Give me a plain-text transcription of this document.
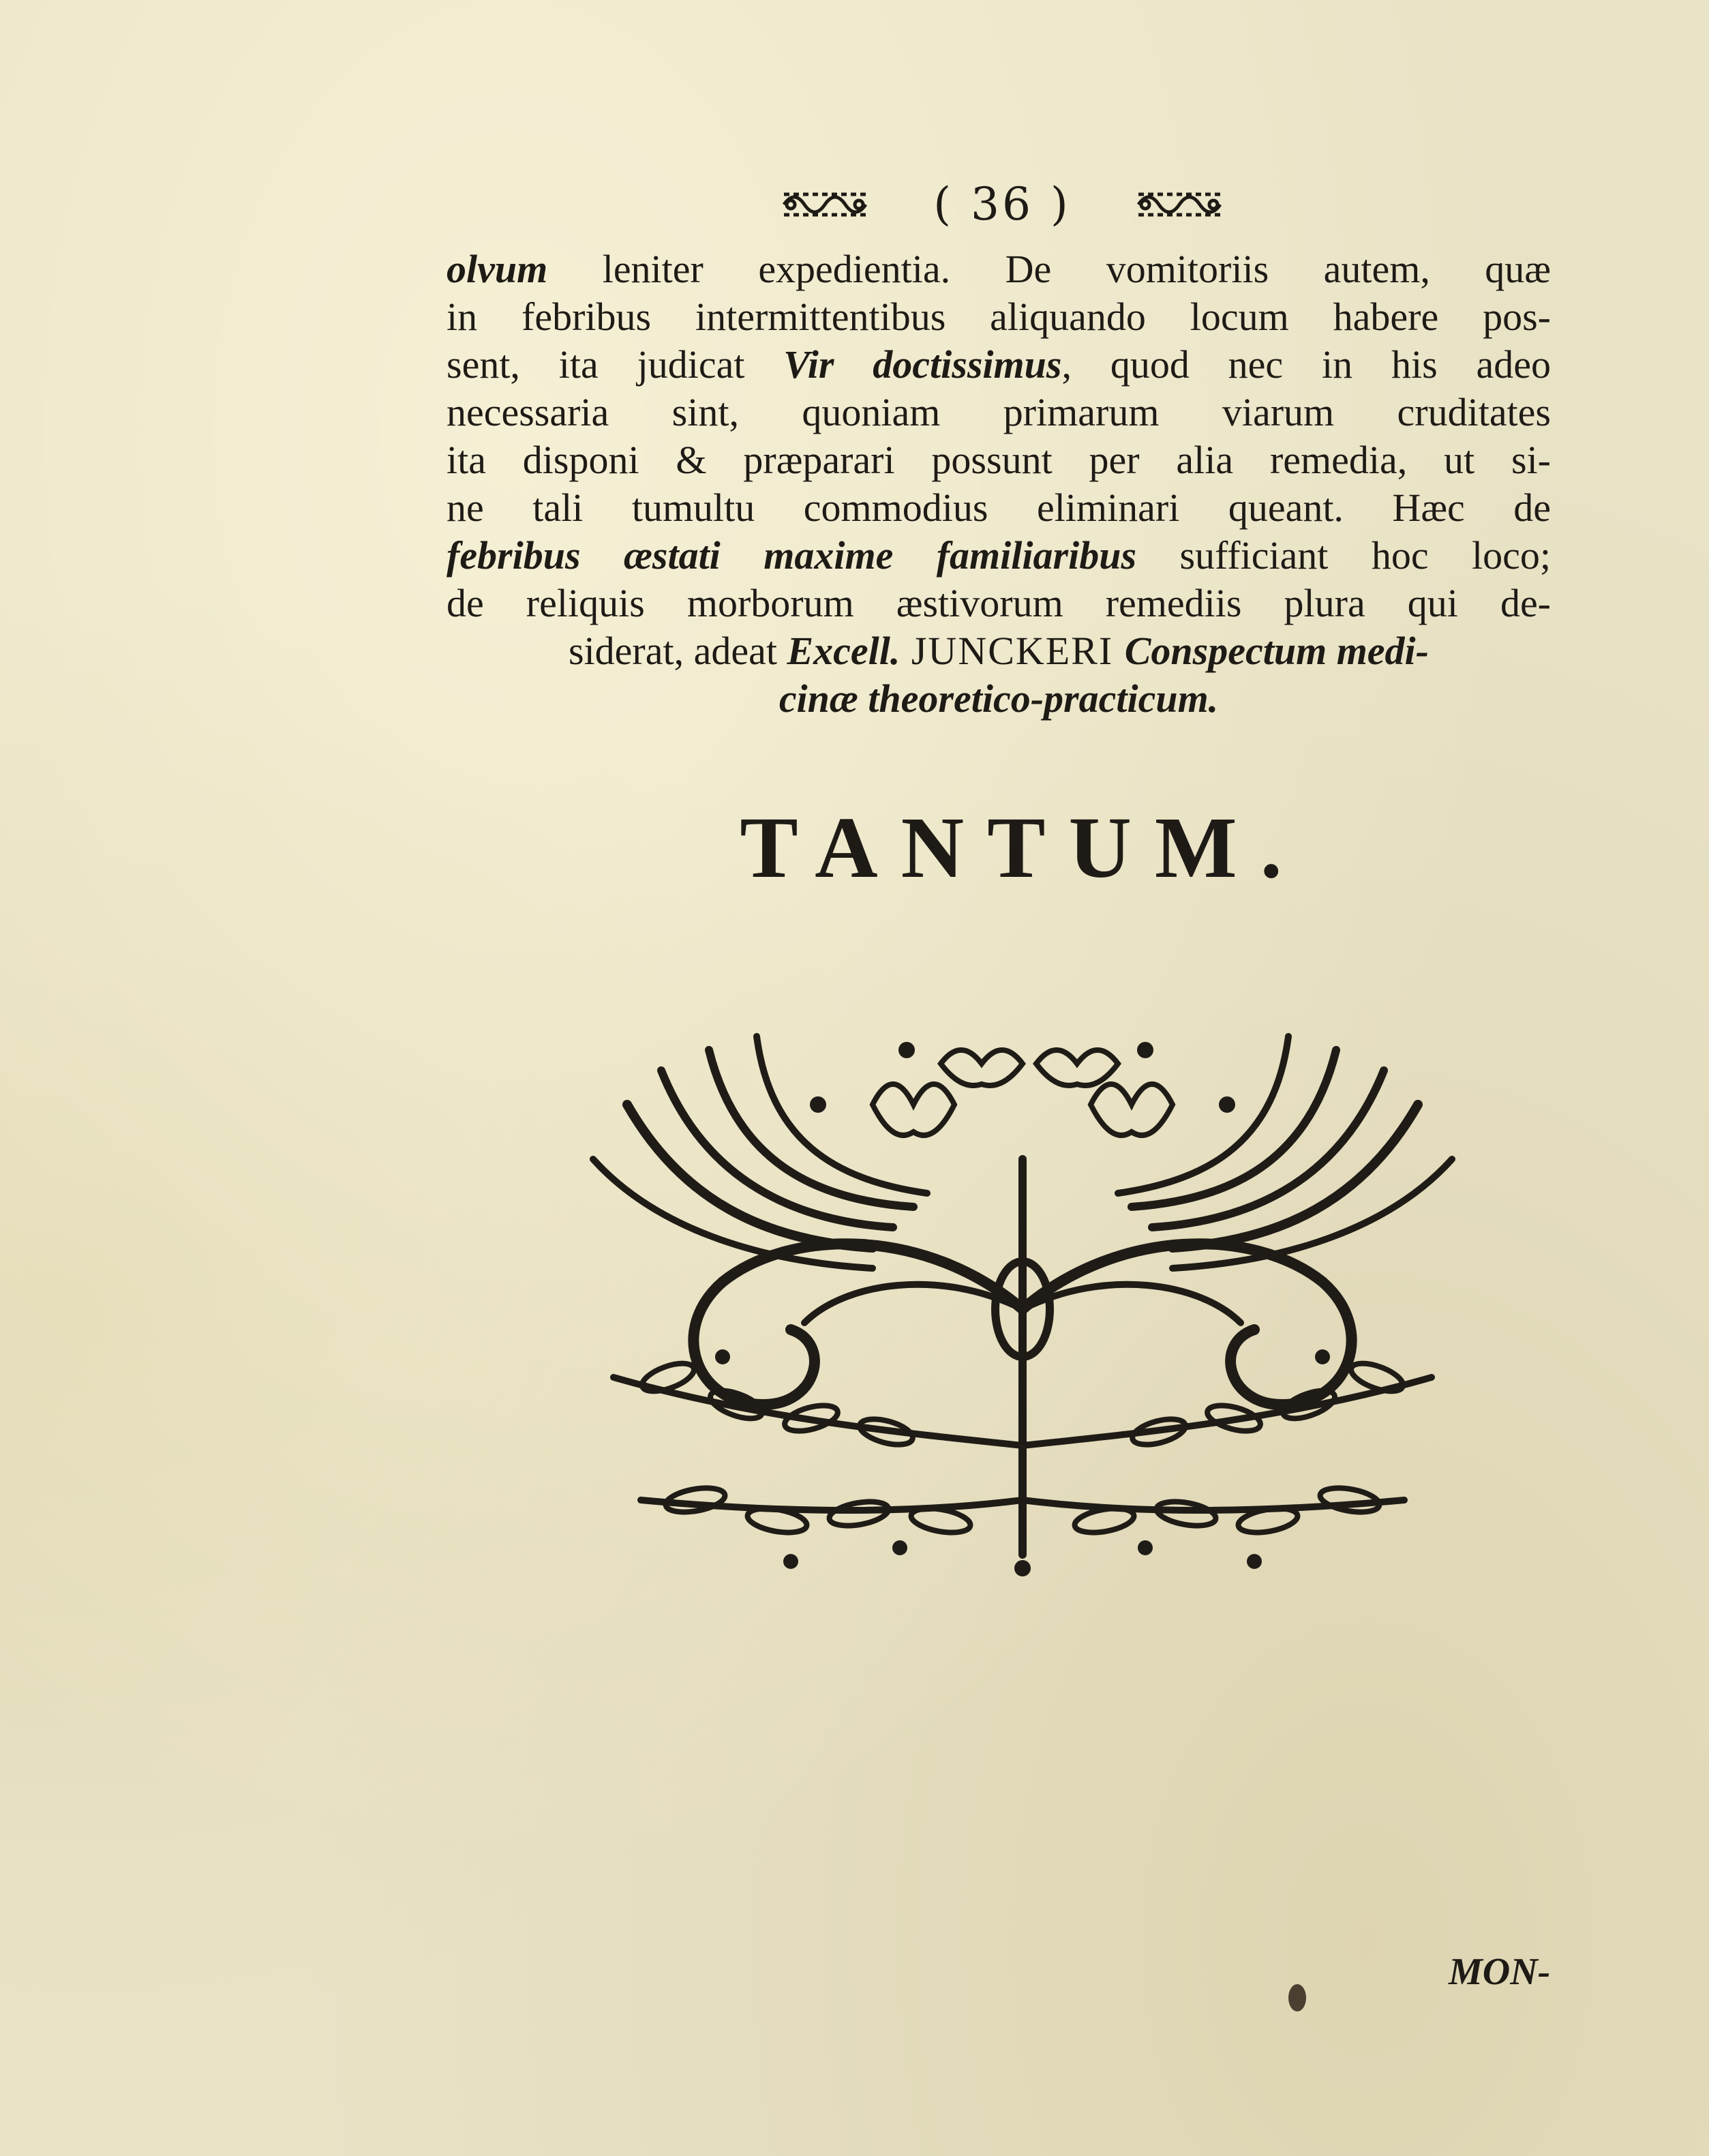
( 36 )
olvum leniter expedientia. De vomitoriis autem, quæ
in febribus intermittentibus aliquando locum habere pos-
sent, ita judicat Vir doctissimus, quod nec in his adeo
necessaria sint, quoniam primarum viarum cruditates
ita disponi & præparari possunt per alia remedia, ut si-
ne tali tumultu commodius eliminari queant. Hæc de
febribus æstati maxime familiaribus sufficiant hoc loco;
de reliquis morborum æstivorum remediis plura qui de-
siderat, adeat Excell. JUNCKERI Conspectum medi-
cinæ theoretico-practicum.
TANTUM.
MON-
